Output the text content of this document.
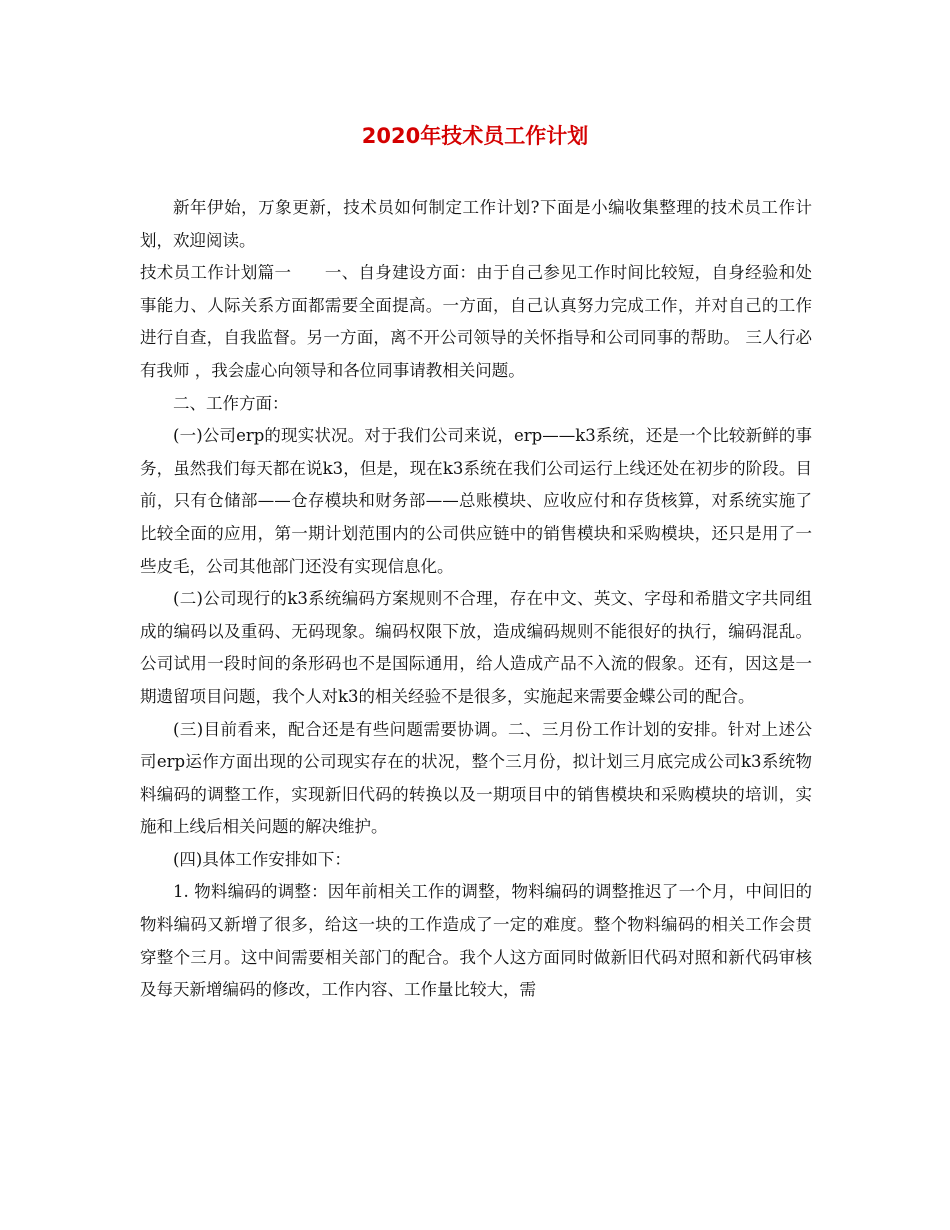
2020年技术员工作计划

新年伊始，万象更新，技术员如何制定工作计划?下面是小编收集整理的技术员工作计划，欢迎阅读。

技术员工作计划篇一　　一、自身建设方面：由于自己参见工作时间比较短，自身经验和处事能力、人际关系方面都需要全面提高。一方面，自己认真努力完成工作，并对自己的工作进行自查，自我监督。另一方面，离不开公司领导的关怀指导和公司同事的帮助。 三人行必有我师 ，我会虚心向领导和各位同事请教相关问题。

二、工作方面：

(一)公司erp的现实状况。对于我们公司来说，erp——k3系统，还是一个比较新鲜的事务，虽然我们每天都在说k3，但是，现在k3系统在我们公司运行上线还处在初步的阶段。目前，只有仓储部——仓存模块和财务部——总账模块、应收应付和存货核算，对系统实施了比较全面的应用，第一期计划范围内的公司供应链中的销售模块和采购模块，还只是用了一些皮毛，公司其他部门还没有实现信息化。

(二)公司现行的k3系统编码方案规则不合理，存在中文、英文、字母和希腊文字共同组成的编码以及重码、无码现象。编码权限下放，造成编码规则不能很好的执行，编码混乱。公司试用一段时间的条形码也不是国际通用，给人造成产品不入流的假象。还有，因这是一期遗留项目问题，我个人对k3的相关经验不是很多，实施起来需要金蝶公司的配合。

(三)目前看来，配合还是有些问题需要协调。二、三月份工作计划的安排。针对上述公司erp运作方面出现的公司现实存在的状况，整个三月份，拟计划三月底完成公司k3系统物料编码的调整工作，实现新旧代码的转换以及一期项目中的销售模块和采购模块的培训，实施和上线后相关问题的解决维护。

(四)具体工作安排如下：

1. 物料编码的调整：因年前相关工作的调整，物料编码的调整推迟了一个月，中间旧的物料编码又新增了很多，给这一块的工作造成了一定的难度。整个物料编码的相关工作会贯穿整个三月。这中间需要相关部门的配合。我个人这方面同时做新旧代码对照和新代码审核及每天新增编码的修改，工作内容、工作量比较大，需
